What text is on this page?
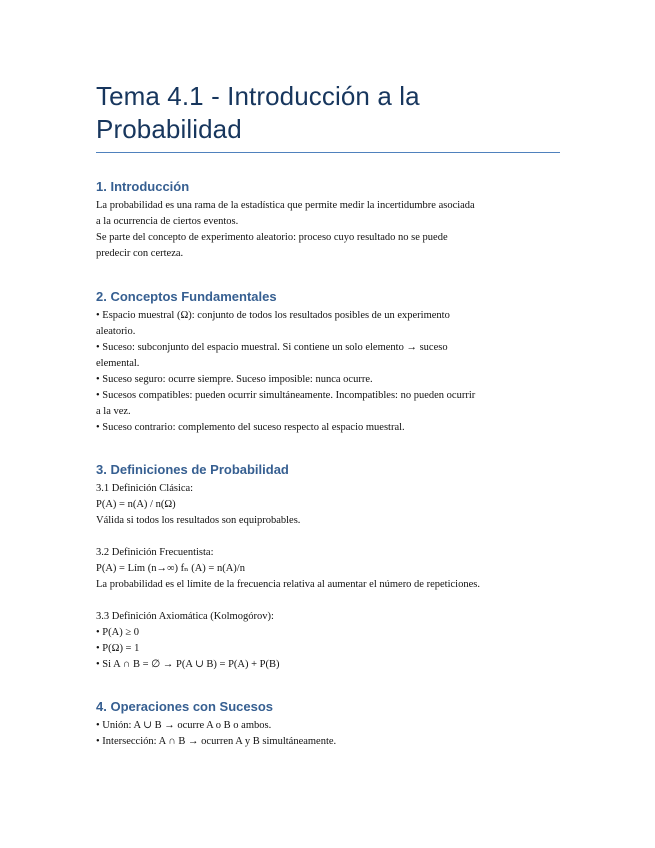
Tema 4.1 - Introducción a la
Probabilidad
1. Introducción

La probabilidad es una rama de la estadística que permite medir la incertidumbre asociada

a la ocurrencia de ciertos eventos.

Se parte del concepto de experimento aleatorio: proceso cuyo resultado no se puede

predecir con certeza.

2. Conceptos Fundamentales

• Espacio muestral (Ω): conjunto de todos los resultados posibles de un experimento

aleatorio.

• Suceso: subconjunto del espacio muestral. Si contiene un solo elemento → suceso

elemental.

• Suceso seguro: ocurre siempre. Suceso imposible: nunca ocurre.

• Sucesos compatibles: pueden ocurrir simultáneamente. Incompatibles: no pueden ocurrir

a la vez.

• Suceso contrario: complemento del suceso respecto al espacio muestral.

3. Definiciones de Probabilidad

3.1 Definición Clásica:

P(A) = n(A) / n(Ω)

Válida si todos los resultados son equiprobables.

3.2 Definición Frecuentista:

P(A) = Lím (n→∞) fₙ (A) = n(A)/n

La probabilidad es el límite de la frecuencia relativa al aumentar el número de repeticiones.

3.3 Definición Axiomática (Kolmogórov):

• P(A) ≥ 0

• P(Ω) = 1

• Si A ∩ B = ∅ → P(A ∪ B) = P(A) + P(B)

4. Operaciones con Sucesos

• Unión: A ∪ B → ocurre A o B o ambos.

• Intersección: A ∩ B → ocurren A y B simultáneamente.
